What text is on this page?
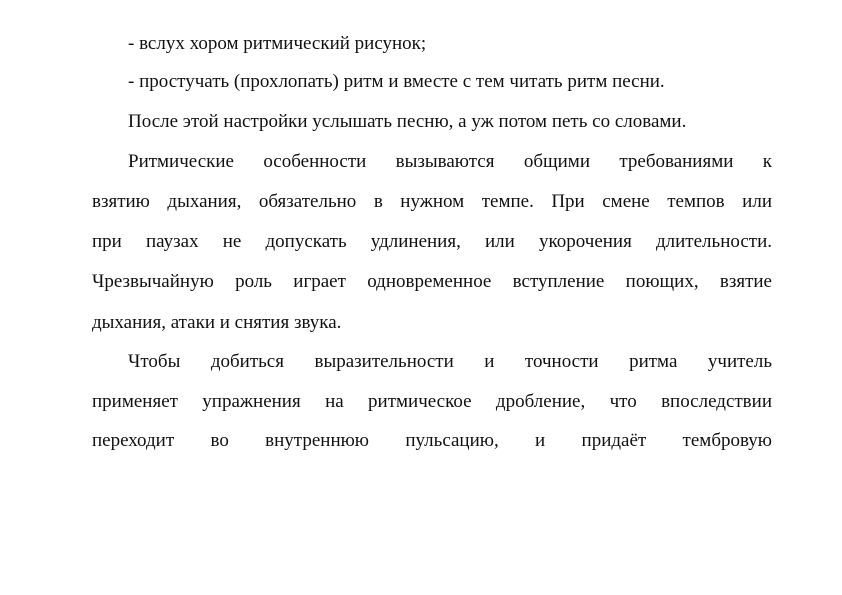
- вслух хором ритмический рисунок;
- простучать (прохлопать) ритм и вместе с тем читать ритм песни.
После этой настройки услышать песню, а уж потом петь со словами.
Ритмические особенности вызываются общими требованиями к
взятию дыхания, обязательно в нужном темпе. При смене темпов или
при паузах не допускать удлинения, или укорочения длительности.
Чрезвычайную роль играет одновременное вступление поющих, взятие
дыхания, атаки и снятия звука.
Чтобы добиться выразительности и точности ритма учитель
применяет упражнения на ритмическое дробление, что впоследствии
переходит во внутреннюю пульсацию, и придаёт тембровую
